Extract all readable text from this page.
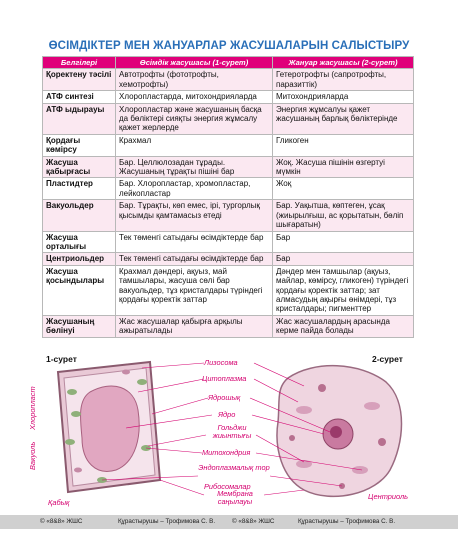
ӨСІМДІКТЕР МЕН ЖАНУАРЛАР ЖАСУШАЛАРЫН САЛЫСТЫРУ
Белгілері	Өсімдік жасушасы (1-сурет)	Жануар жасушасы (2-сурет)
Қоректену тәсілі	Автотрофты (фототрофты, хемотрофты)	Гетеротрофты (сапротрофты, паразиттік)
АТФ синтезі	Хлоропластарда, митохондрияларда	Митохондрияларда
АТФ ыдырауы	Хлоропластар және жасушаның басқа да бөліктері сияқты энергия жұмсалу қажет жерлерде	Энергия жұмсалуы қажет жасушаның барлық бөліктерінде
Қордағы көмірсу	Крахмал	Гликоген
Жасуша қабырғасы	Бар. Целлюлозадан тұрады. Жасушаның тұрақты пішіні бар	Жоқ. Жасуша пішінін өзгертуі мүмкін
Пластидтер	Бар. Хлоропластар, хромопластар, лейкопластар	Жоқ
Вакуольдер	Бар. Тұрақты, көп емес, ірі, тургорлық қысымды қамтамасыз етеді	Бар. Уақытша, көптеген, ұсақ (жиырылғыш, ас қорытатын, бөліп шығаратын)
Жасуша орталығы	Тек төменгі сатыдағы өсімдіктерде бар	Бар
Центриольдер	Тек төменгі сатыдағы өсімдіктерде бар	Бар
Жасуша қосындылары	Крахмал дәндері, ақуыз, май тамшылары, жасуша сөлі бар вакуольдер, тұз кристалдары түріндегі қордағы қоректік заттар	Дәндер мен тамшылар (ақуыз, майлар, көмірсу, гликоген) түріндегі қордағы қоректік заттар; зат алмасудың ақырғы өнімдері, тұз кристалдары; пигменттер
Жасушаның бөлінуі	Жас жасушалар қабырға арқылы ажыратылады	Жас жасушалардың арасында керме пайда болады
1-сурет	2-сурет
Лизосома
Цитоплазма
Ядрошық
Ядро
Гольджи жиынтығы
Митохондрия
Эндоплазмалық тор
Рибосомалар
Мембрана саңылауы
Хлоропласт
Вакуоль
Қабық
Центриоль
© «8&8» ЖШС	Құрастырушы – Трофимова С. В.	© «8&8» ЖШС	Құрастырушы – Трофимова С. В.
